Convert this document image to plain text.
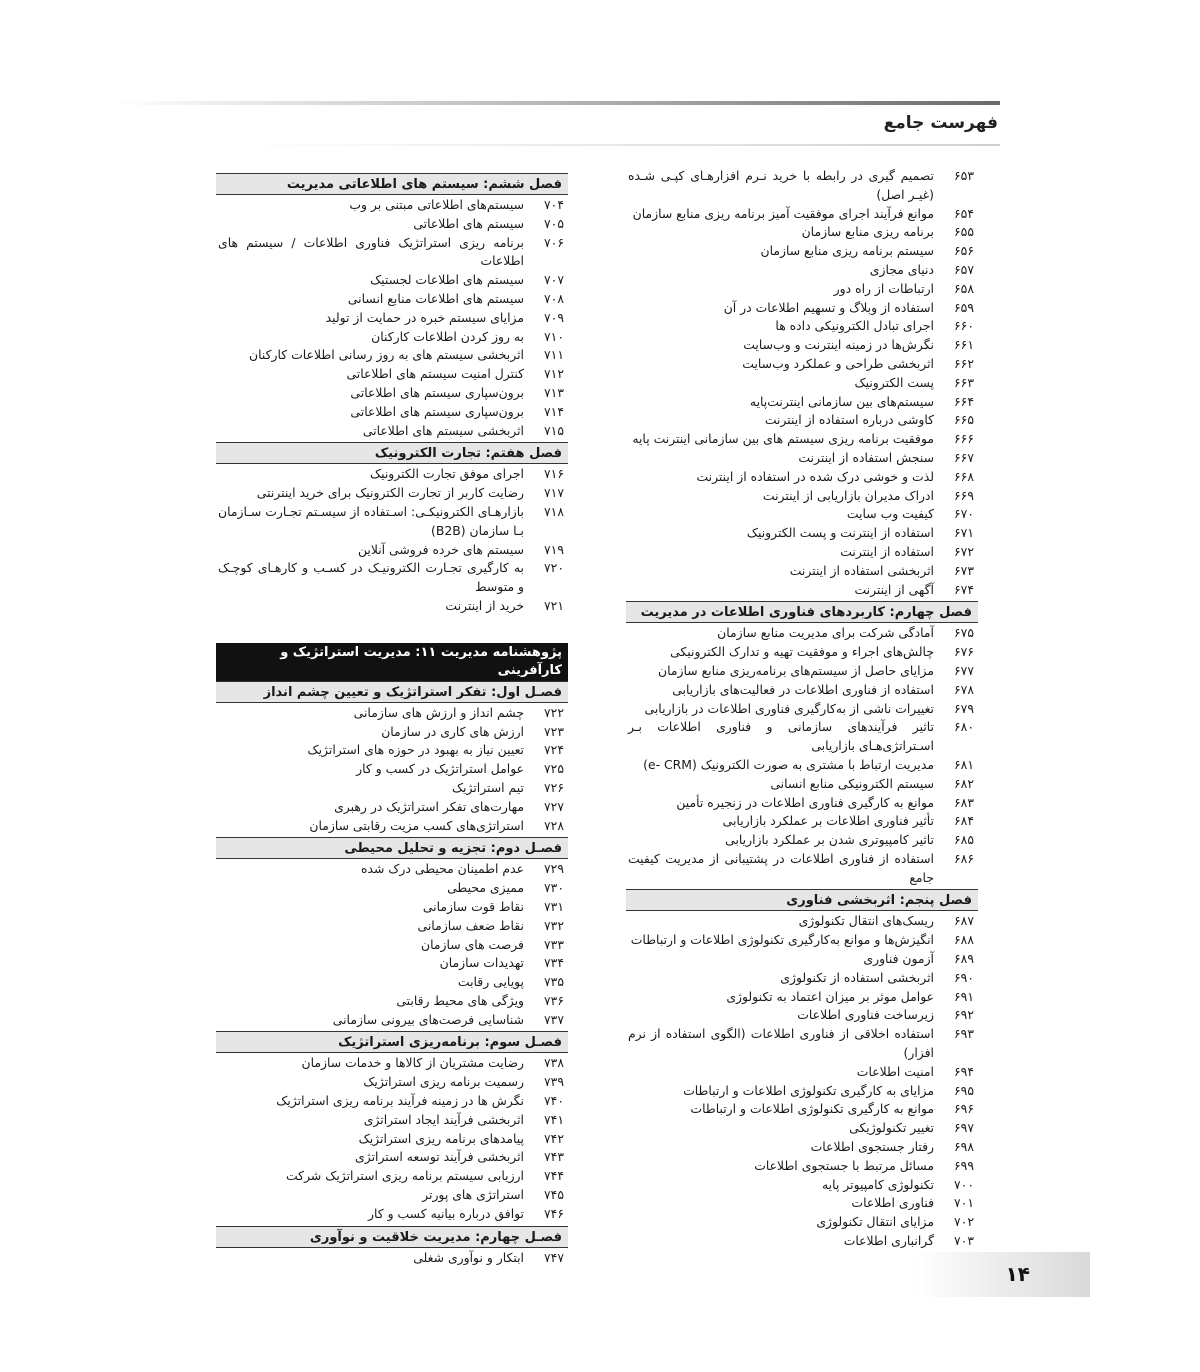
فهرست جامع
۶۵۳
تصمیم گیری در رابطه با خرید نـرم افزارهـای کپـی شـده (غیـر اصل)
۶۵۴
موانع فرآیند اجرای موفقیت آمیز برنامه ریزی منابع سازمان
۶۵۵
برنامه ریزی منابع سازمان
۶۵۶
سیستم برنامه ریزی منابع سازمان
۶۵۷
دنیای مجازی
۶۵۸
ارتباطات از راه دور
۶۵۹
استفاده از وبلاگ و تسهیم اطلاعات در آن
۶۶۰
اجرای تبادل الکترونیکی داده ها
۶۶۱
نگرش‌ها در زمینه اینترنت و وب‌سایت
۶۶۲
اثربخشی طراحی و عملکرد وب‌سایت
۶۶۳
پست الکترونیک
۶۶۴
سیستم‌های بین سازمانی اینترنت‌پایه
۶۶۵
کاوشی درباره استفاده از اینترنت
۶۶۶
موفقیت برنامه ریزی سیستم های بین سازمانی اینترنت پایه
۶۶۷
سنجش استفاده از اینترنت
۶۶۸
لذت و خوشی درک شده در استفاده از اینترنت
۶۶۹
ادراک مدیران بازاریابی از اینترنت
۶۷۰
کیفیت وب سایت
۶۷۱
استفاده از اینترنت و پست الکترونیک
۶۷۲
استفاده از اینترنت
۶۷۳
اثربخشی استفاده از اینترنت
۶۷۴
آگهی از اینترنت
فصل چهارم: کاربردهای فناوری اطلاعات در مدیریت
۶۷۵
آمادگی شرکت برای مدیریت منابع سازمان
۶۷۶
چالش‌های اجراء و موفقیت تهیه و تدارک الکترونیکی
۶۷۷
مزایای حاصل از سیستم‌های برنامه‌ریزی منابع سازمان
۶۷۸
استفاده از فناوری اطلاعات در فعالیت‌های بازاریابی
۶۷۹
تغییرات ناشی از به‌کارگیری فناوری اطلاعات در بازاریابی
۶۸۰
تاثیر فرآیندهای سازمانی و فناوری اطلاعات بـر اسـتراتژی‌هـای بازاریابی
۶۸۱
مدیریت ارتباط با مشتری به صورت الکترونیک (e- CRM)
۶۸۲
سیستم الکترونیکی منابع انسانی
۶۸۳
موانع به کارگیری فناوری اطلاعات در زنجیره تأمین
۶۸۴
تأثیر فناوری اطلاعات بر عملکرد بازاریابی
۶۸۵
تاثیر کامپیوتری شدن بر عملکرد بازاریابی
۶۸۶
استفاده از فناوری اطلاعات در پشتیبانی از مدیریت کیفیت جامع
فصل پنجم: اثربخشی فناوری
۶۸۷
ریسک‌های انتقال تکنولوژی
۶۸۸
انگیزش‌ها و موانع به‌کارگیری تکنولوژی اطلاعات و ارتباطات
۶۸۹
آزمون فناوری
۶۹۰
اثربخشی استفاده از تکنولوژی
۶۹۱
عوامل موثر بر میزان اعتماد به تکنولوژی
۶۹۲
زیرساخت فناوری اطلاعات
۶۹۳
استفاده اخلاقی از فناوری اطلاعات (الگوی استفاده از نرم افزار)
۶۹۴
امنیت اطلاعات
۶۹۵
مزایای به کارگیری تکنولوژی اطلاعات و ارتباطات
۶۹۶
موانع به کارگیری تکنولوژی اطلاعات و ارتباطات
۶۹۷
تغییر تکنولوژیکی
۶۹۸
رفتار جستجوی اطلاعات
۶۹۹
مسائل مرتبط با جستجوی اطلاعات
۷۰۰
تکنولوژی کامپیوتر پایه
۷۰۱
فناوری اطلاعات
۷۰۲
مزایای انتقال تکنولوژی
۷۰۳
گرانباری اطلاعات
فصل ششم: سیستم های اطلاعاتی مدیریت
۷۰۴
سیستم‌های اطلاعاتی مبتنی بر وب
۷۰۵
سیستم های اطلاعاتی
۷۰۶
برنامه ریزی استراتژیک فناوری اطلاعات / سیستم های اطلاعات
۷۰۷
سیستم های اطلاعات لجستیک
۷۰۸
سیستم های اطلاعات منابع انسانی
۷۰۹
مزایای سیستم خبره در حمایت از تولید
۷۱۰
به روز کردن اطلاعات کارکنان
۷۱۱
اثربخشی سیستم های به روز رسانی اطلاعات کارکنان
۷۱۲
کنترل امنیت سیستم های اطلاعاتی
۷۱۳
برون‌سپاری سیستم های اطلاعاتی
۷۱۴
برون‌سپاری سیستم های اطلاعاتی
۷۱۵
اثربخشی سیستم های اطلاعاتی
فصل هفتم: تجارت الکترونیک
۷۱۶
اجرای موفق تجارت الکترونیک
۷۱۷
رضایت کاربر از تجارت الکترونیک برای خرید اینترنتی
۷۱۸
بازارهـای الکترونیکـی: اسـتفاده از سیسـتم تجـارت سـازمان بـا سازمان (B2B)
۷۱۹
سیستم های خرده فروشی آنلاین
۷۲۰
به کارگیری تجـارت الکترونیـک در کسـب و کارهـای کوچـک و متوسط
۷۲۱
خرید از اینترنت
پژوهشنامه مدیریت ۱۱: مدیریت استراتژیک و کارآفرینی
فصـل اول: تفکر استراتژیک و تعیین چشم انداز
۷۲۲
چشم انداز و ارزش های سازمانی
۷۲۳
ارزش های کاری در سازمان
۷۲۴
تعیین نیاز به بهبود در حوزه های استراتژیک
۷۲۵
عوامل استراتژیک در کسب و کار
۷۲۶
تیم استراتژیک
۷۲۷
مهارت‌های تفکر استراتژیک در رهبری
۷۲۸
استراتژی‌های کسب مزیت رقابتی سازمان
فصـل دوم: تجزیه و تحلیل محیطی
۷۲۹
عدم اطمینان محیطی درک شده
۷۳۰
ممیزی محیطی
۷۳۱
نقاط قوت سازمانی
۷۳۲
نقاط ضعف سازمانی
۷۳۳
فرصت های سازمان
۷۳۴
تهدیدات سازمان
۷۳۵
پویایی رقابت
۷۳۶
ویژگی های محیط رقابتی
۷۳۷
شناسایی فرصت‌های بیرونی سازمانی
فصـل سوم: برنامه‌ریزی استراتژیک
۷۳۸
رضایت مشتریان از کالاها و خدمات سازمان
۷۳۹
رسمیت برنامه ریزی استراتژیک
۷۴۰
نگرش ها در زمینه فرآیند برنامه ریزی استراتژیک
۷۴۱
اثربخشی فرآیند ایجاد استراتژی
۷۴۲
پیامدهای برنامه ریزی استراتژیک
۷۴۳
اثربخشی فرآیند توسعه استراتژی
۷۴۴
ارزیابی سیستم برنامه ریزی استراتژیک شرکت
۷۴۵
استراتژی های پورتر
۷۴۶
توافق درباره بیانیه کسب و کار
فصـل چهارم: مدیریت خلاقیت و نوآوری
۷۴۷
ابتکار و نوآوری شغلی
۱۴
